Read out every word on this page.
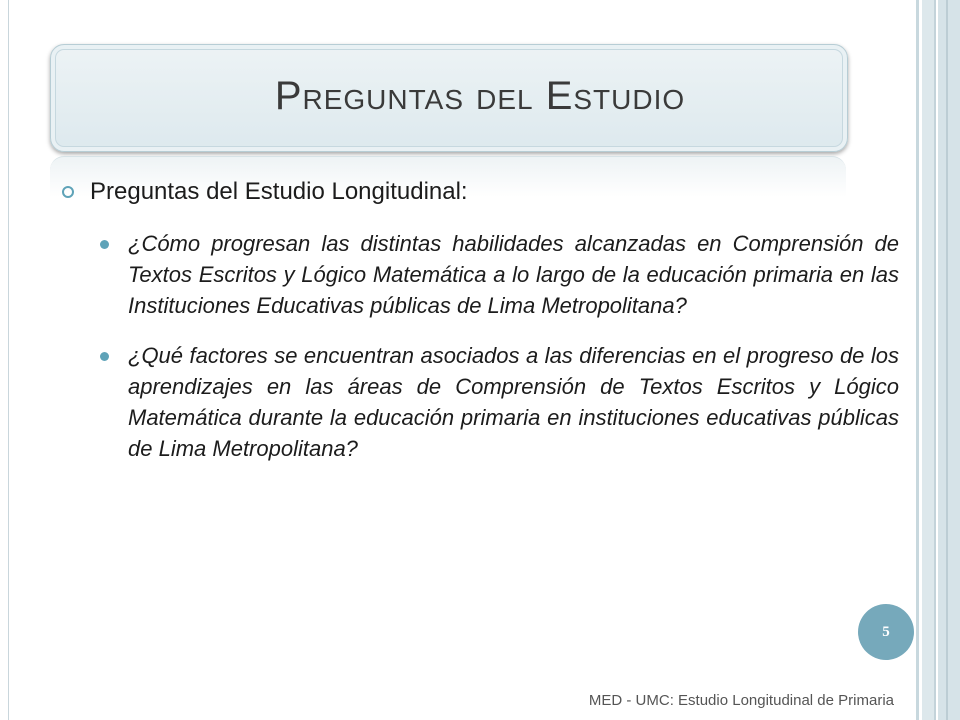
Preguntas del Estudio
Preguntas del Estudio Longitudinal:
¿Cómo progresan las distintas habilidades alcanzadas en Comprensión de Textos Escritos y Lógico Matemática a lo largo de la educación primaria en las Instituciones Educativas públicas de Lima Metropolitana?
¿Qué factores se encuentran asociados a las diferencias en el progreso de los aprendizajes en las áreas de Comprensión de Textos Escritos y Lógico Matemática durante la educación primaria en instituciones educativas públicas de Lima Metropolitana?
5
MED - UMC: Estudio Longitudinal de Primaria
